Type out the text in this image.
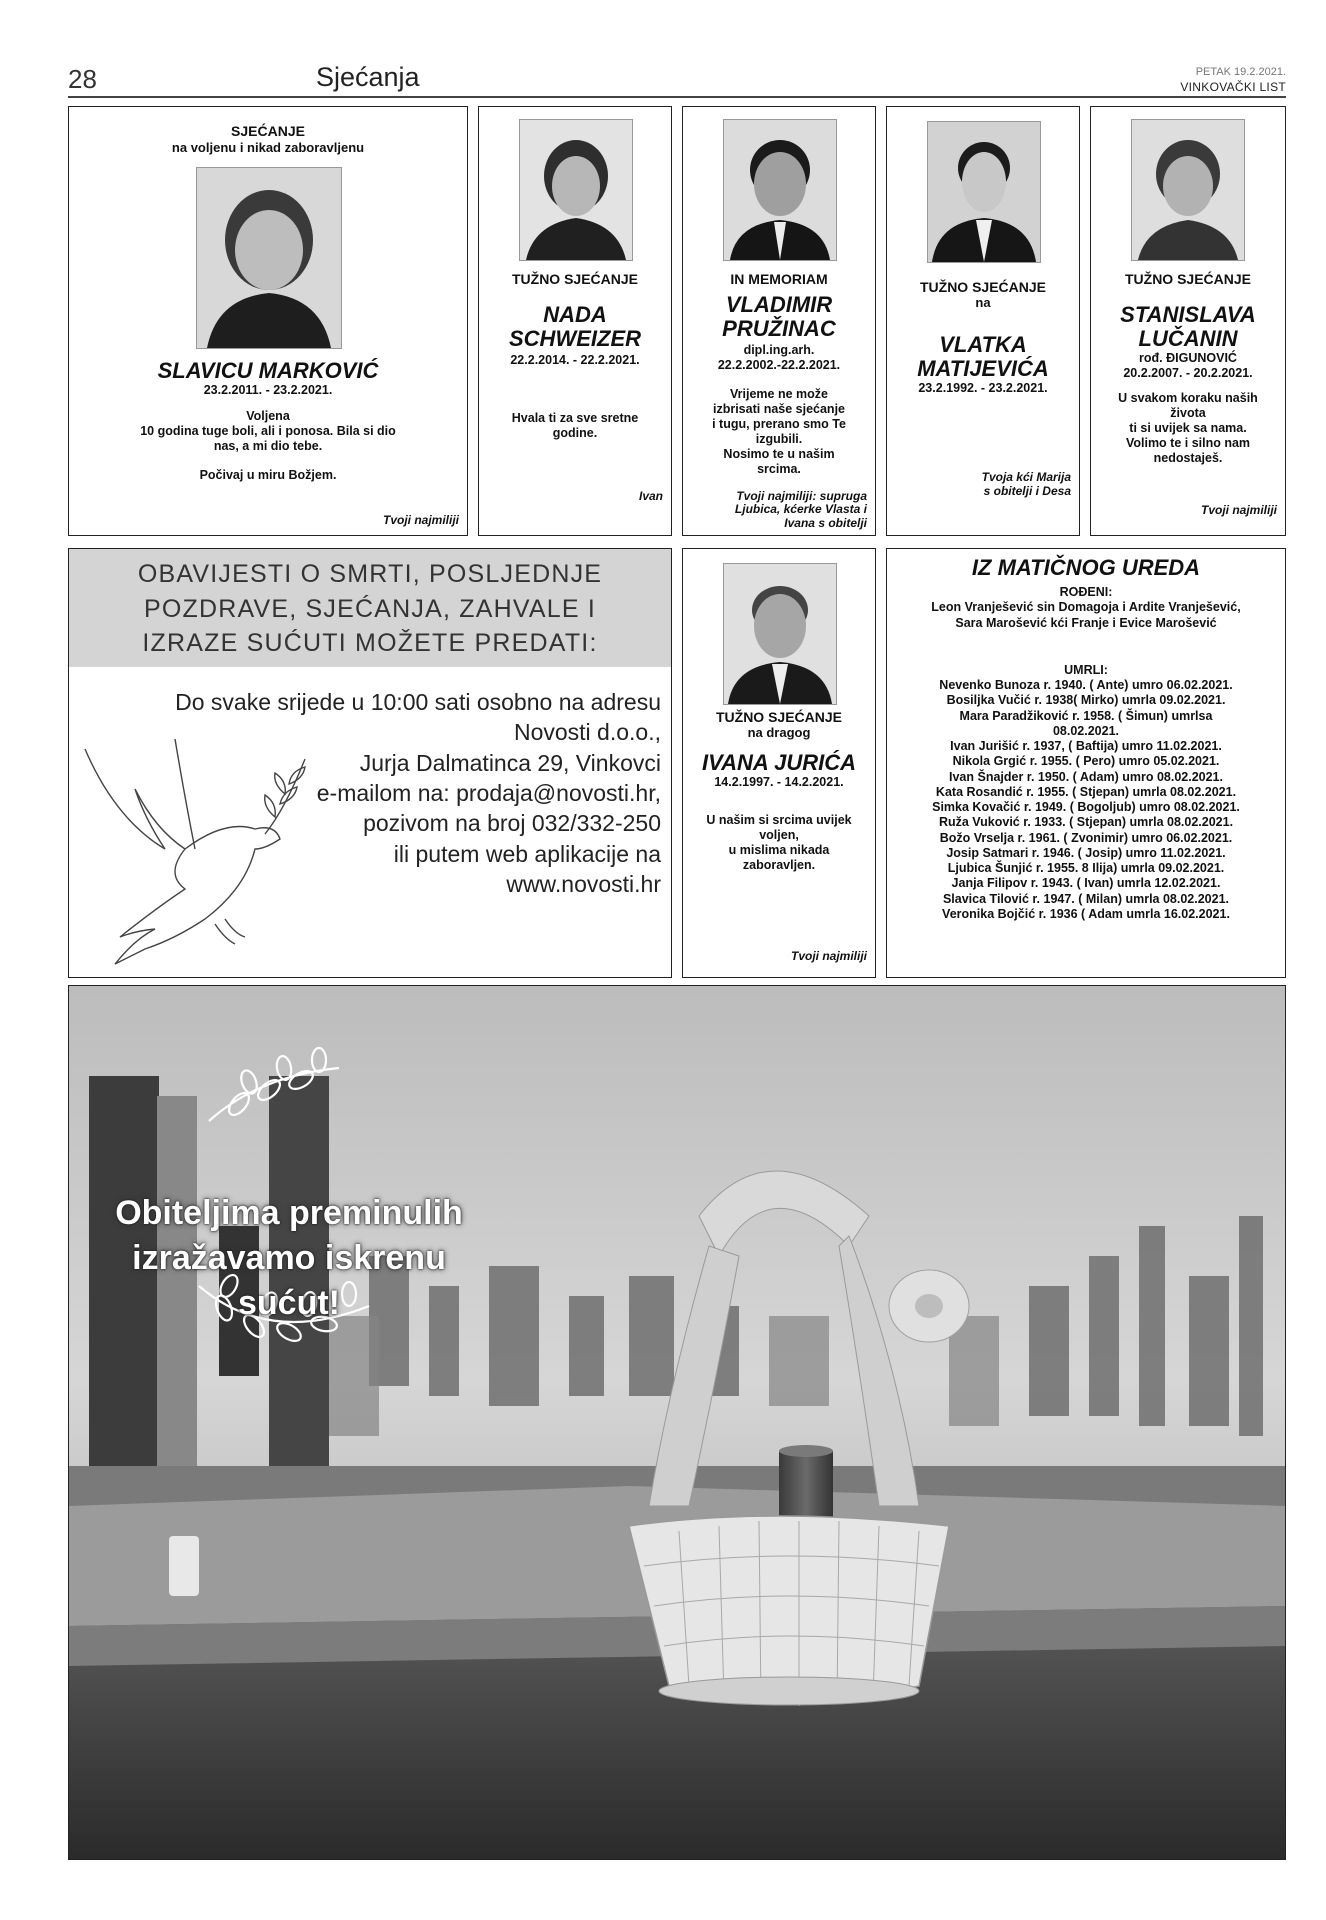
28	Sjećanja	PETAK 19.2.2021.
VINKOVAČKI LIST
SJEĆANJE
na voljenu i nikad zaboravljenu
SLAVICU MARKOVIĆ
23.2.2011. - 23.2.2021.
Voljena
10 godina tuge boli, ali i ponosa. Bila si dio
nas, a mi dio tebe.
Počivaj u miru Božjem.
Tvoji najmiliji
TUŽNO SJEĆANJE
NADA
SCHWEIZER
22.2.2014. - 22.2.2021.
Hvala ti za sve sretne
godine.
Ivan
IN MEMORIAM
VLADIMIR
PRUŽINAC
dipl.ing.arh.
22.2.2002.-22.2.2021.
Vrijeme ne može
izbrisati naše sjećanje
i tugu, prerano smo Te
izgubili.
Nosimo te u našim
srcima.
Tvoji najmiliji: supruga
Ljubica, kćerke Vlasta i
Ivana s obitelji
TUŽNO SJEĆANJE
na
VLATKA
MATIJEVIĆA
23.2.1992. - 23.2.2021.
Tvoja kći Marija
s obitelji i Desa
TUŽNO SJEĆANJE
STANISLAVA
LUČANIN
rođ. ĐIGUNOVIĆ
20.2.2007. - 20.2.2021.
U svakom koraku naših
života
ti si uvijek sa nama.
Volimo te i silno nam
nedostaješ.
Tvoji najmiliji
OBAVIJESTI O SMRTI, POSLJEDNJE
POZDRAVE, SJEĆANJA, ZAHVALE I
IZRAZE SUĆUTI MOŽETE PREDATI:
Do svake srijede u 10:00 sati osobno na adresu
Novosti d.o.o.,
Jurja Dalmatinca 29, Vinkovci
e-mailom na: prodaja@novosti.hr,
pozivom na broj 032/332-250
ili putem web aplikacije na
www.novosti.hr
TUŽNO SJEĆANJE
na dragog
IVANA JURIĆA
14.2.1997. - 14.2.2021.
U našim si srcima uvijek
voljen,
u mislima nikada
zaboravljen.
Tvoji najmiliji
IZ MATIČNOG UREDA
ROĐENI:
Leon Vranješević sin Domagoja i Ardite Vranješević,
Sara Marošević kći Franje i Evice Marošević
UMRLI:
Nevenko Bunoza r. 1940. ( Ante) umro 06.02.2021.
Bosiljka Vučić r. 1938( Mirko) umrla 09.02.2021.
Mara Paradžiković r. 1958. ( Šimun) umrlsa
08.02.2021.
Ivan Jurišić r. 1937, ( Baftija) umro 11.02.2021.
Nikola Grgić r. 1955. ( Pero) umro 05.02.2021.
Ivan Šnajder r. 1950. ( Adam) umro 08.02.2021.
Kata Rosandić r. 1955. ( Stjepan) umrla 08.02.2021.
Simka Kovačić r. 1949. ( Bogoljub) umro 08.02.2021.
Ruža Vuković r. 1933. ( Stjepan) umrla 08.02.2021.
Božo Vrselja r. 1961. ( Zvonimir) umro 06.02.2021.
Josip Satmari r. 1946. ( Josip) umro 11.02.2021.
Ljubica Šunjić r. 1955. 8 Ilija) umrla 09.02.2021.
Janja Filipov r. 1943. ( Ivan) umrla 12.02.2021.
Slavica Tilović r. 1947. ( Milan) umrla 08.02.2021.
Veronika Bojčić r. 1936 ( Adam umrla 16.02.2021.
Obiteljima preminulih
izražavamo iskrenu sućut!
